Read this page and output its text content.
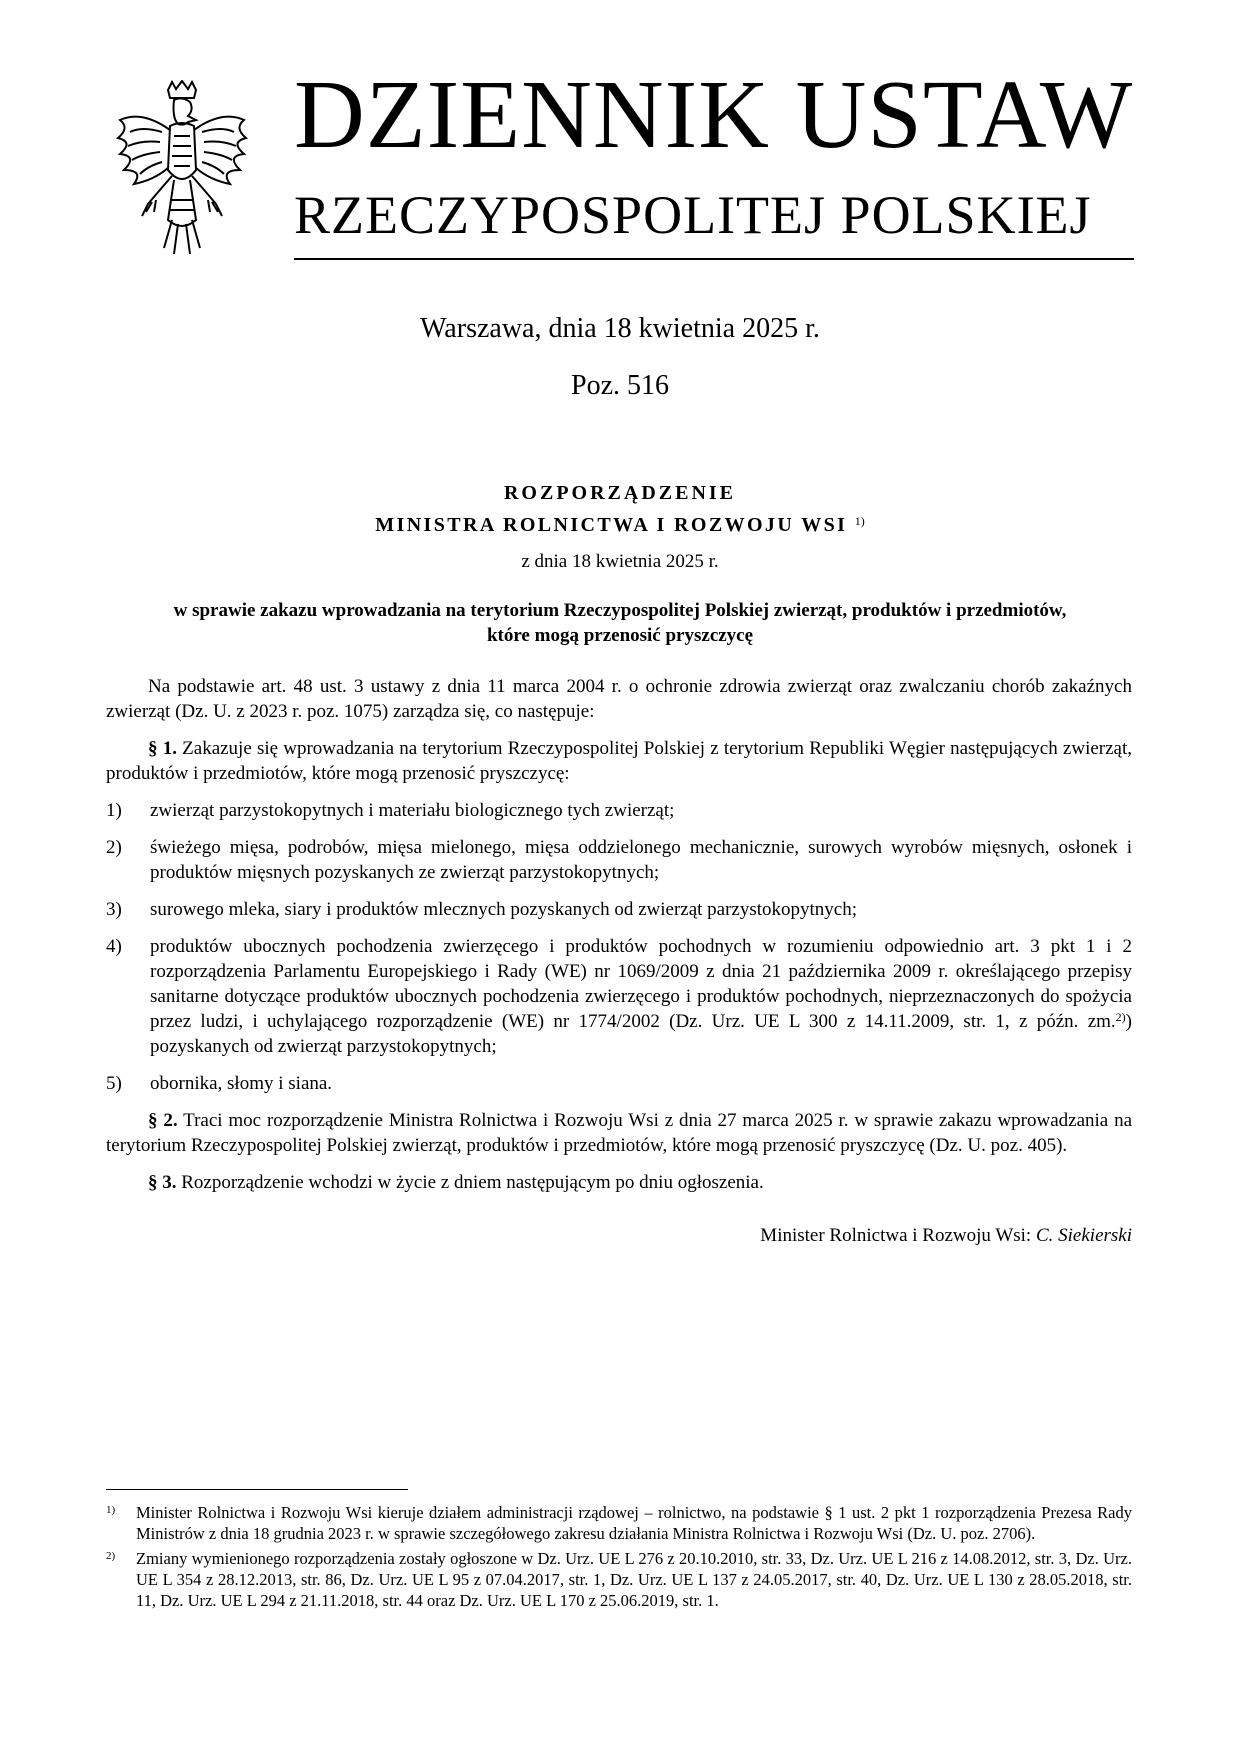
DZIENNIK USTAW
RZECZYPOSPOLITEJ POLSKIEJ
Warszawa, dnia 18 kwietnia 2025 r.
Poz. 516
ROZPORZĄDZENIE
MINISTRA ROLNICTWA I ROZWOJU WSI $^{1)}$
z dnia 18 kwietnia 2025 r.
w sprawie zakazu wprowadzania na terytorium Rzeczypospolitej Polskiej zwierząt, produktów i przedmiotów,
które mogą przenosić pryszczycę

Na podstawie art. 48 ust. 3 ustawy z dnia 11 marca 2004 r. o ochronie zdrowia zwierząt oraz zwalczaniu chorób zakaźnych zwierząt (Dz. U. z 2023 r. poz. 1075) zarządza się, co następuje:

§ 1. Zakazuje się wprowadzania na terytorium Rzeczypospolitej Polskiej z terytorium Republiki Węgier następujących zwierząt, produktów i przedmiotów, które mogą przenosić pryszczycę:

1) zwierząt parzystokopytnych i materiału biologicznego tych zwierząt;
2) świeżego mięsa, podrobów, mięsa mielonego, mięsa oddzielonego mechanicznie, surowych wyrobów mięsnych, osłonek i produktów mięsnych pozyskanych ze zwierząt parzystokopytnych;
3) surowego mleka, siary i produktów mlecznych pozyskanych od zwierząt parzystokopytnych;
4) produktów ubocznych pochodzenia zwierzęcego i produktów pochodnych w rozumieniu odpowiednio art. 3 pkt 1 i 2 rozporządzenia Parlamentu Europejskiego i Rady (WE) nr 1069/2009 z dnia 21 października 2009 r. określającego przepisy sanitarne dotyczące produktów ubocznych pochodzenia zwierzęcego i produktów pochodnych, nieprzeznaczonych do spożycia przez ludzi, i uchylającego rozporządzenie (WE) nr 1774/2002 (Dz. Urz. UE L 300 z 14.11.2009, str. 1, z późn. zm.$^{2)}$) pozyskanych od zwierząt parzystokopytnych;
5) obornika, słomy i siana.

§ 2. Traci moc rozporządzenie Ministra Rolnictwa i Rozwoju Wsi z dnia 27 marca 2025 r. w sprawie zakazu wprowadzania na terytorium Rzeczypospolitej Polskiej zwierząt, produktów i przedmiotów, które mogą przenosić pryszczycę (Dz. U. poz. 405).

§ 3. Rozporządzenie wchodzi w życie z dniem następującym po dniu ogłoszenia.

Minister Rolnictwa i Rozwoju Wsi: C. Siekierski
1) Minister Rolnictwa i Rozwoju Wsi kieruje działem administracji rządowej – rolnictwo, na podstawie § 1 ust. 2 pkt 1 rozporządzenia Prezesa Rady Ministrów z dnia 18 grudnia 2023 r. w sprawie szczegółowego zakresu działania Ministra Rolnictwa i Rozwoju Wsi (Dz. U. poz. 2706).
2) Zmiany wymienionego rozporządzenia zostały ogłoszone w Dz. Urz. UE L 276 z 20.10.2010, str. 33, Dz. Urz. UE L 216 z 14.08.2012, str. 3, Dz. Urz. UE L 354 z 28.12.2013, str. 86, Dz. Urz. UE L 95 z 07.04.2017, str. 1, Dz. Urz. UE L 137 z 24.05.2017, str. 40, Dz. Urz. UE L 130 z 28.05.2018, str. 11, Dz. Urz. UE L 294 z 21.11.2018, str. 44 oraz Dz. Urz. UE L 170 z 25.06.2019, str. 1.
